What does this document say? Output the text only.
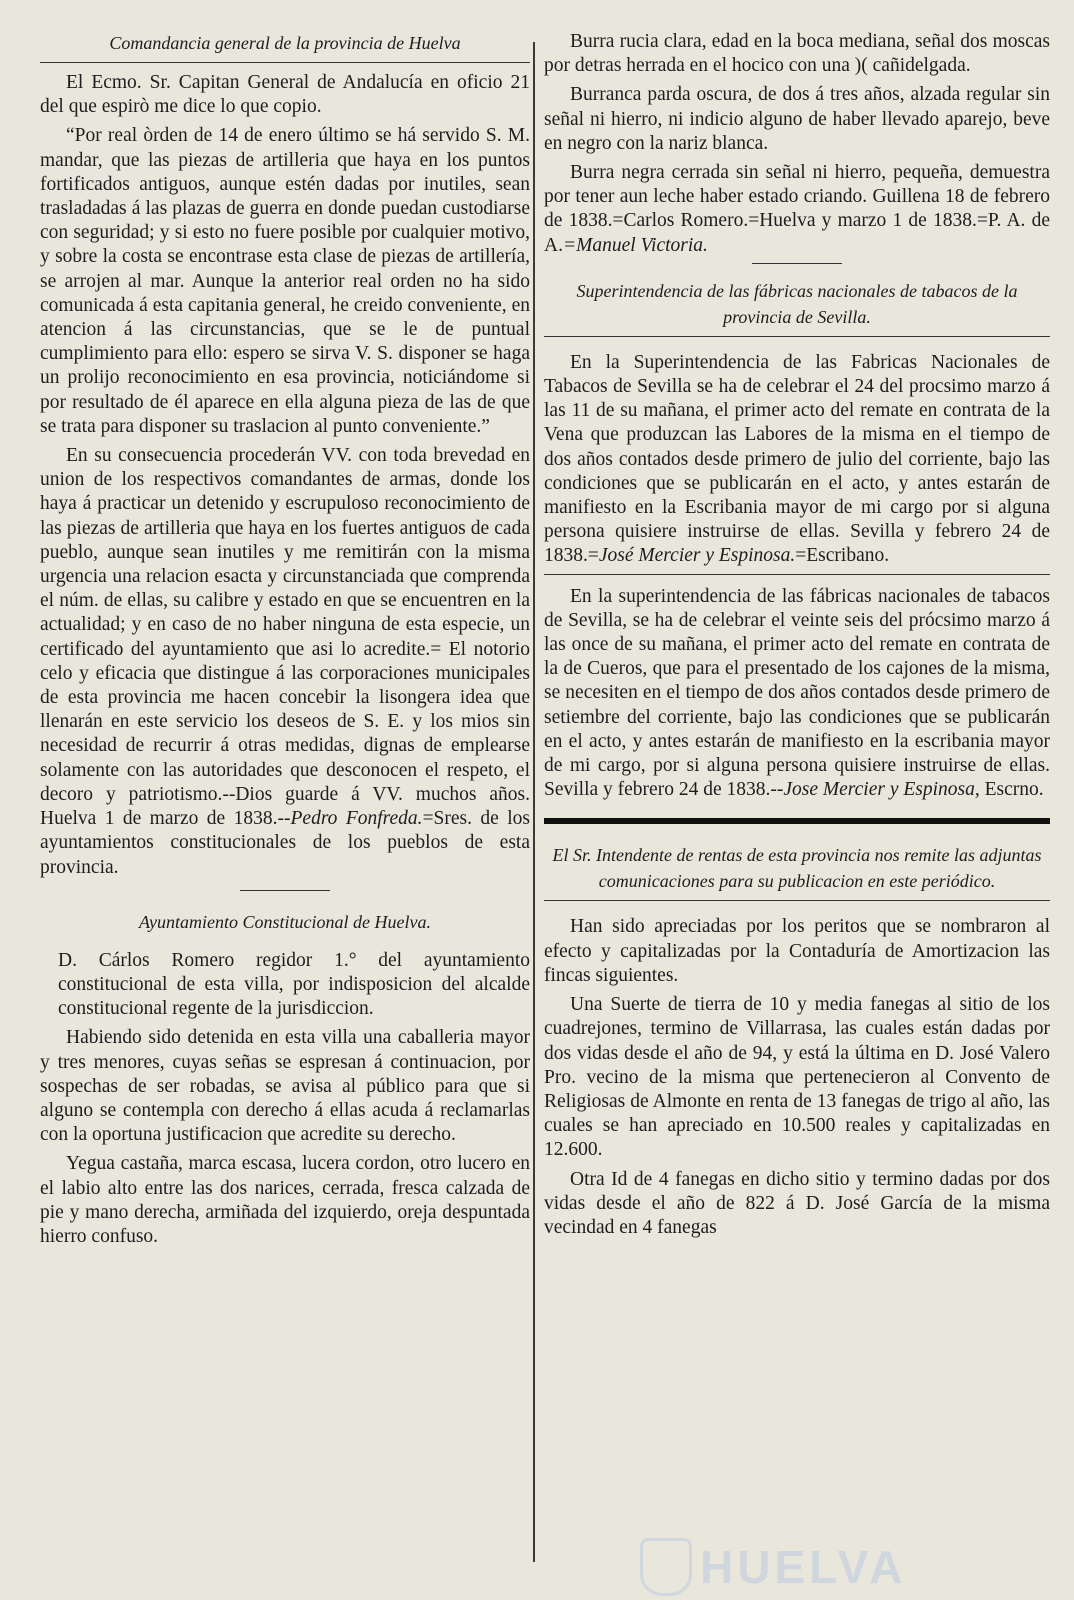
Comandancia general de la provincia de Huelva

El Ecmo. Sr. Capitan General de Andalucía en oficio 21 del que espirò me dice lo que copio.

“Por real òrden de 14 de enero último se há servido S. M. mandar, que las piezas de artilleria que haya en los puntos fortificados antiguos, aunque estén dadas por inutiles, sean trasladadas á las plazas de guerra en donde puedan custodiarse con seguridad; y si esto no fuere posible por cualquier motivo, y sobre la costa se encontrase esta clase de piezas de artillería, se arrojen al mar. Aunque la anterior real orden no ha sido comunicada á esta capitania general, he creido conveniente, en atencion á las circunstancias, que se le de puntual cumplimiento para ello: espero se sirva V. S. disponer se haga un prolijo reconocimiento en esa provincia, noticiándome si por resultado de él aparece en ella alguna pieza de las de que se trata para disponer su traslacion al punto conveniente.”

En su consecuencia procederán VV. con toda brevedad en union de los respectivos comandantes de armas, donde los haya á practicar un detenido y escrupuloso reconocimiento de las piezas de artilleria que haya en los fuertes antiguos de cada pueblo, aunque sean inutiles y me remitirán con la misma urgencia una relacion esacta y circunstanciada que comprenda el núm. de ellas, su calibre y estado en que se encuentren en la actualidad; y en caso de no haber ninguna de esta especie, un certificado del ayuntamiento que asi lo acredite.= El notorio celo y eficacia que distingue á las corporaciones municipales de esta provincia me hacen concebir la lisongera idea que llenarán en este servicio los deseos de S. E. y los mios sin necesidad de recurrir á otras medidas, dignas de emplearse solamente con las autoridades que desconocen el respeto, el decoro y patriotismo.--Dios guarde á VV. muchos años. Huelva 1 de marzo de 1838.--Pedro Fonfreda.=Sres. de los ayuntamientos constitucionales de los pueblos de esta provincia.

Ayuntamiento Constitucional de Huelva.

D. Cárlos Romero regidor 1.° del ayuntamiento constitucional de esta villa, por indisposicion del alcalde constitucional regente de la jurisdiccion.

Habiendo sido detenida en esta villa una caballeria mayor y tres menores, cuyas señas se espresan á continuacion, por sospechas de ser robadas, se avisa al público para que si alguno se contempla con derecho á ellas acuda á reclamarlas con la oportuna justificacion que acredite su derecho.

Yegua castaña, marca escasa, lucera cordon, otro lucero en el labio alto entre las dos narices, cerrada, fresca calzada de pie y mano derecha, armiñada del izquierdo, oreja despuntada hierro confuso.

Burra rucia clara, edad en la boca mediana, señal dos moscas por detras herrada en el hocico con una )( cañidelgada.

Burranca parda oscura, de dos á tres años, alzada regular sin señal ni hierro, ni indicio alguno de haber llevado aparejo, beve en negro con la nariz blanca.

Burra negra cerrada sin señal ni hierro, pequeña, demuestra por tener aun leche haber estado criando. Guillena 18 de febrero de 1838.=Carlos Romero.=Huelva y marzo 1 de 1838.=P. A. de A.=Manuel Victoria.

Superintendencia de las fábricas nacionales de tabacos de la provincia de Sevilla.

En la Superintendencia de las Fabricas Nacionales de Tabacos de Sevilla se ha de celebrar el 24 del procsimo marzo á las 11 de su mañana, el primer acto del remate en contrata de la Vena que produzcan las Labores de la misma en el tiempo de dos años contados desde primero de julio del corriente, bajo las condiciones que se publicarán en el acto, y antes estarán de manifiesto en la Escribania mayor de mi cargo por si alguna persona quisiere instruirse de ellas. Sevilla y febrero 24 de 1838.=José Mercier y Espinosa.=Escribano.

En la superintendencia de las fábricas nacionales de tabacos de Sevilla, se ha de celebrar el veinte seis del prócsimo marzo á las once de su mañana, el primer acto del remate en contrata de la de Cueros, que para el presentado de los cajones de la misma, se necesiten en el tiempo de dos años contados desde primero de setiembre del corriente, bajo las condiciones que se publicarán en el acto, y antes estarán de manifiesto en la escribania mayor de mi cargo, por si alguna persona quisiere instruirse de ellas. Sevilla y febrero 24 de 1838.--Jose Mercier y Espinosa, Escrno.

El Sr. Intendente de rentas de esta provincia nos remite las adjuntas comunicaciones para su publicacion en este periódico.

Han sido apreciadas por los peritos que se nombraron al efecto y capitalizadas por la Contaduría de Amortizacion las fincas siguientes.

Una Suerte de tierra de 10 y media fanegas al sitio de los cuadrejones, termino de Villarrasa, las cuales están dadas por dos vidas desde el año de 94, y está la última en D. José Valero Pro. vecino de la misma que pertenecieron al Convento de Religiosas de Almonte en renta de 13 fanegas de trigo al año, las cuales se han apreciado en 10.500 reales y capitalizadas en 12.600.

Otra Id de 4 fanegas en dicho sitio y termino dadas por dos vidas desde el año de 822 á D. José García de la misma vecindad en 4 fanegas

HUELVA
